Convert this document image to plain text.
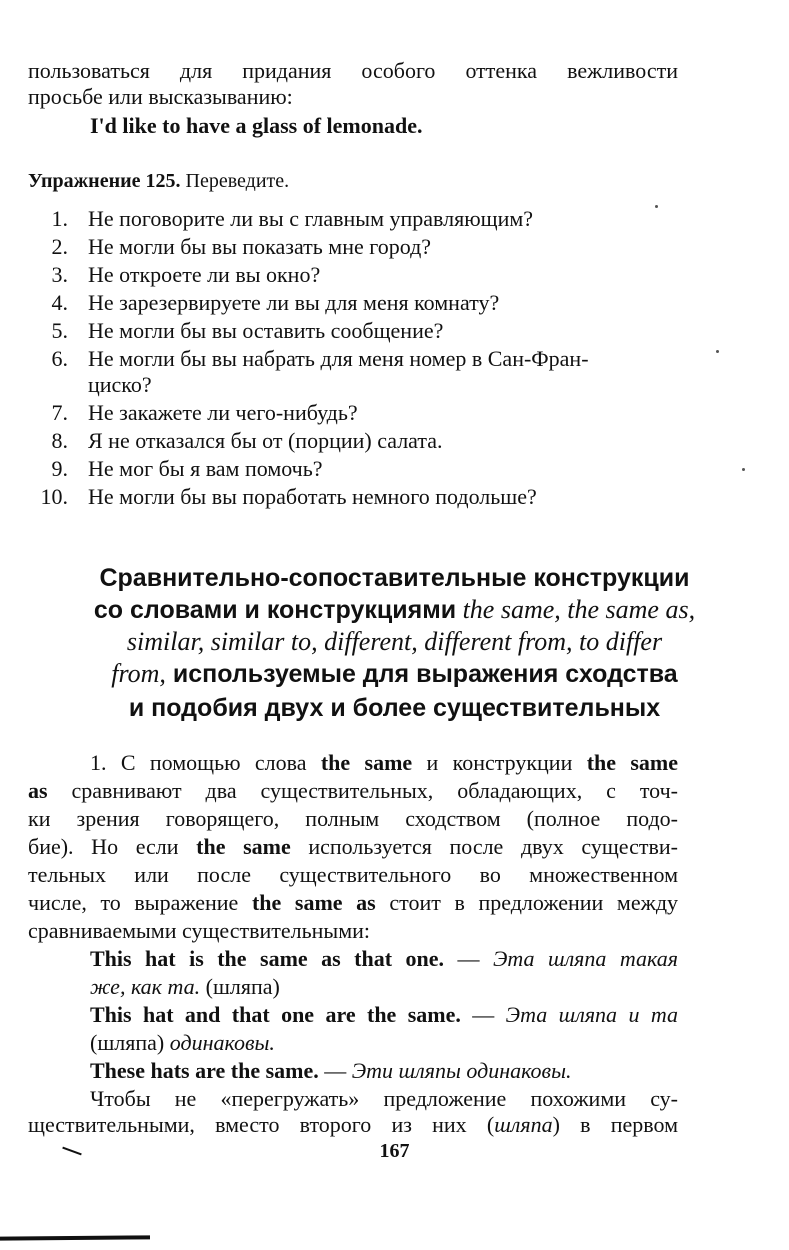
пользоваться для придания особого оттенка вежливости
просьбе или высказыванию:
I'd like to have a glass of lemonade.
Упражнение 125. Переведите.
1. Не поговорите ли вы с главным управляющим?
2. Не могли бы вы показать мне город?
3. Не откроете ли вы окно?
4. Не зарезервируете ли вы для меня комнату?
5. Не могли бы вы оставить сообщение?
6. Не могли бы вы набрать для меня номер в Сан-Фран-
циско?
7. Не закажете ли чего-нибудь?
8. Я не отказался бы от (порции) салата.
9. Не мог бы я вам помочь?
10. Не могли бы вы поработать немного подольше?
Сравнительно-сопоставительные конструкции
со словами и конструкциями the same, the same as,
similar, similar to, different, different from, to differ
from, используемые для выражения сходства
и подобия двух и более существительных
1. С помощью слова the same и конструкции the same
as сравнивают два существительных, обладающих, с точ-
ки зрения говорящего, полным сходством (полное подо-
бие). Но если the same используется после двух существи-
тельных или после существительного во множественном
числе, то выражение the same as стоит в предложении между
сравниваемыми существительными:
This hat is the same as that one. — Эта шляпа такая
же, как та. (шляпа)
This hat and that one are the same. — Эта шляпа и та
(шляпа) одинаковы.
These hats are the same. — Эти шляпы одинаковы.
Чтобы не «перегружать» предложение похожими су-
ществительными, вместо второго из них (шляпа) в первом
167
